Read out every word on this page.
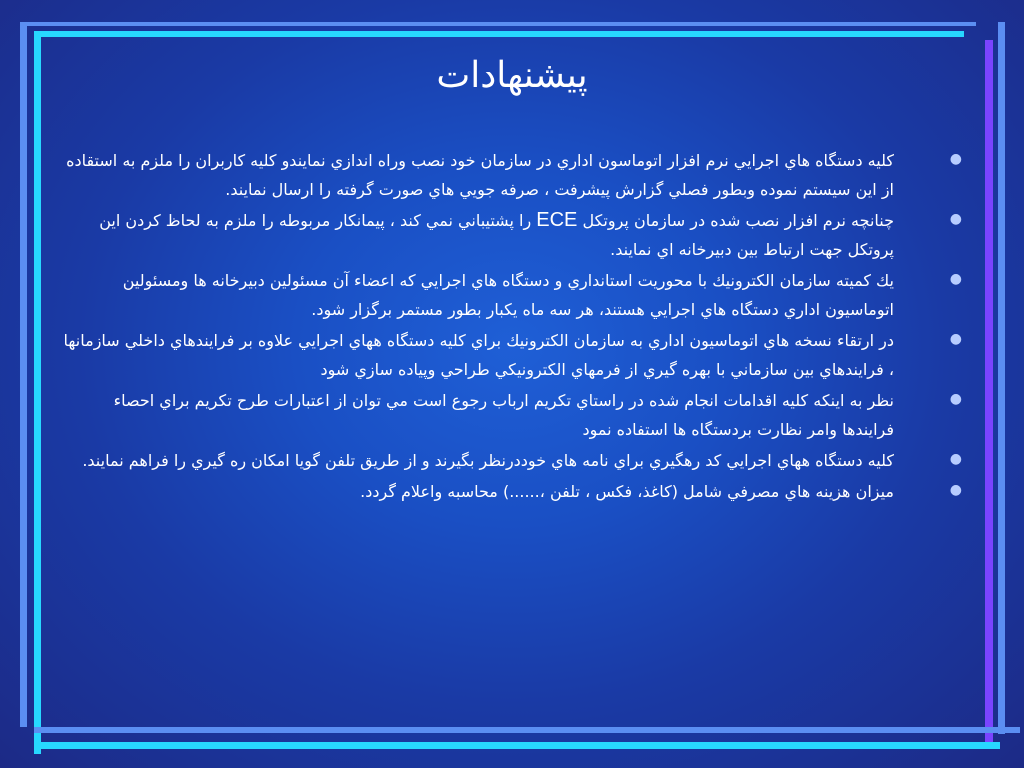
پيشنهادات
●
كليه دستگاه هاي اجرايي نرم افزار اتوماسون اداري در سازمان خود نصب وراه اندازي نمايندو كليه كاربران را ملزم به استقاده از اين سيستم نموده وبطور فصلي گزارش پيشرفت ، صرفه جويي هاي صورت گرفته را ارسال نمايند.
●
چنانچه نرم افزار نصب شده در سازمان پروتكل ECE را پشتيباني نمي كند ، پيمانكار مربوطه را ملزم به لحاظ كردن اين پروتكل جهت ارتباط بين دبيرخانه اي نمايند.
●
يك كميته سازمان الكترونيك با محوريت استانداري و دستگاه هاي اجرايي كه اعضاء آن مسئولين دبيرخانه ها ومسئولين اتوماسيون اداري دستگاه هاي اجرايي هستند، هر سه ماه يكبار بطور مستمر برگزار شود.
●
در ارتقاء نسخه هاي اتوماسيون اداري به سازمان الكترونيك براي كليه دستگاه ههاي اجرايي علاوه بر فرايندهاي داخلي سازمانها ، فرايندهاي بين سازماني با بهره گيري از فرمهاي الكترونيكي طراحي وپياده سازي شود
●
نظر به اينكه كليه اقدامات انجام شده در راستاي تكريم ارباب رجوع است مي توان از اعتبارات طرح تكريم براي احصاء فرايندها وامر نظارت بردستگاه ها استفاده نمود
●
كليه دستگاه ههاي اجرايي كد رهگيري براي نامه هاي خوددرنظر بگيرند و از طريق تلفن گويا امكان ره گيري را فراهم نمايند.
●
ميزان هزينه هاي مصرفي شامل (كاغذ، فكس ، تلفن ،......) محاسبه واعلام گردد.
